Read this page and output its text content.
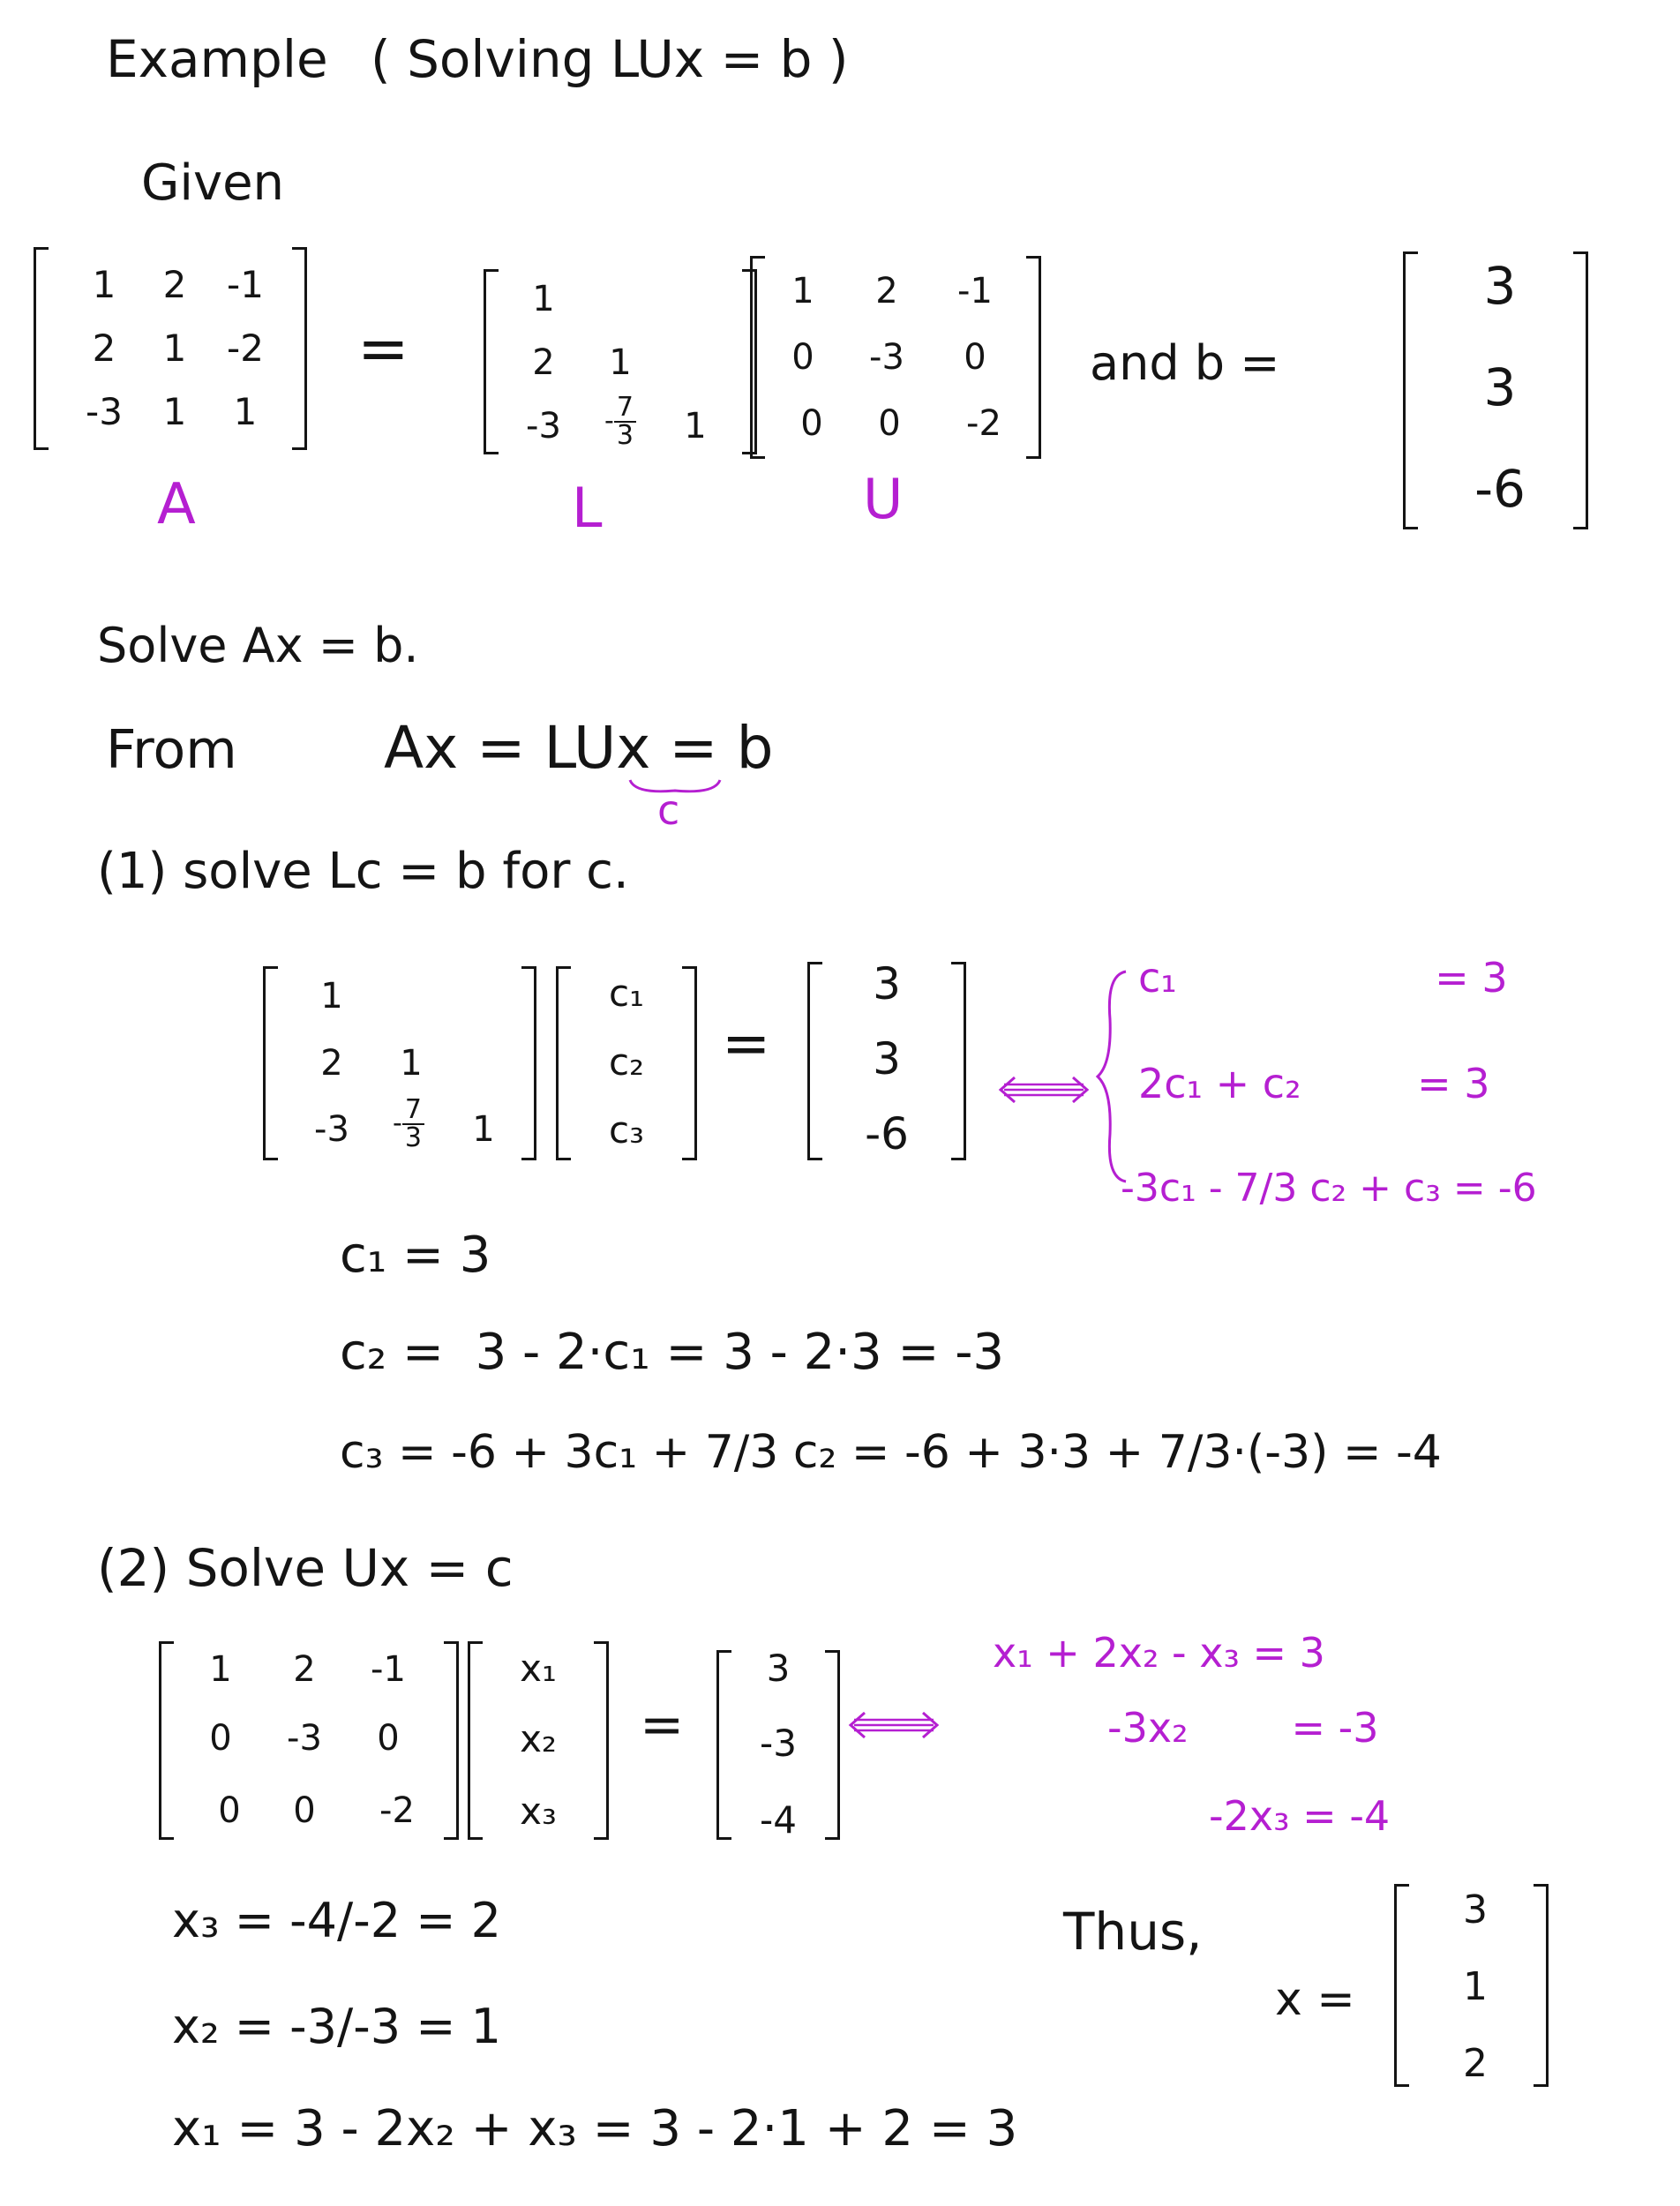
Example ( Solving LUx = b )
Given
1	2	-1
2	1	-2
-3	1	1
A
=
1
2	1
-3	- $\frac{7}{3}$	1
L
1	2	-1
0	-3	0
0	0	-2
U
and b =
3
3
-6
Solve Ax = b.
From	Ax = LUx = b
c
(1) solve Lc = b for c.
1
2	1
-3	- $\frac{7}{3}$	1
c₁
c₂
c₃
=
3
3
-6
c₁                    = 3
2c₁ + c₂         = 3
-3c₁ - 7/3 c₂ + c₃ = -6
c₁ = 3
c₂ =  3 - 2·c₁ = 3 - 2·3 = -3
c₃ = -6 + 3c₁ + 7/3 c₂ = -6 + 3·3 + 7/3·(-3) = -4
(2) Solve Ux = c
1	2	-1
0	-3	0
0	0	-2
x₁
x₂
x₃
=
3
-3
-4
x₁ + 2x₂ - x₃ = 3
-3x₂        = -3
-2x₃ = -4
x₃ = -4/-2 = 2
x₂ = -3/-3 = 1
x₁ = 3 - 2x₂ + x₃ = 3 - 2·1 + 2 = 3
Thus,
x =
3
1
2
